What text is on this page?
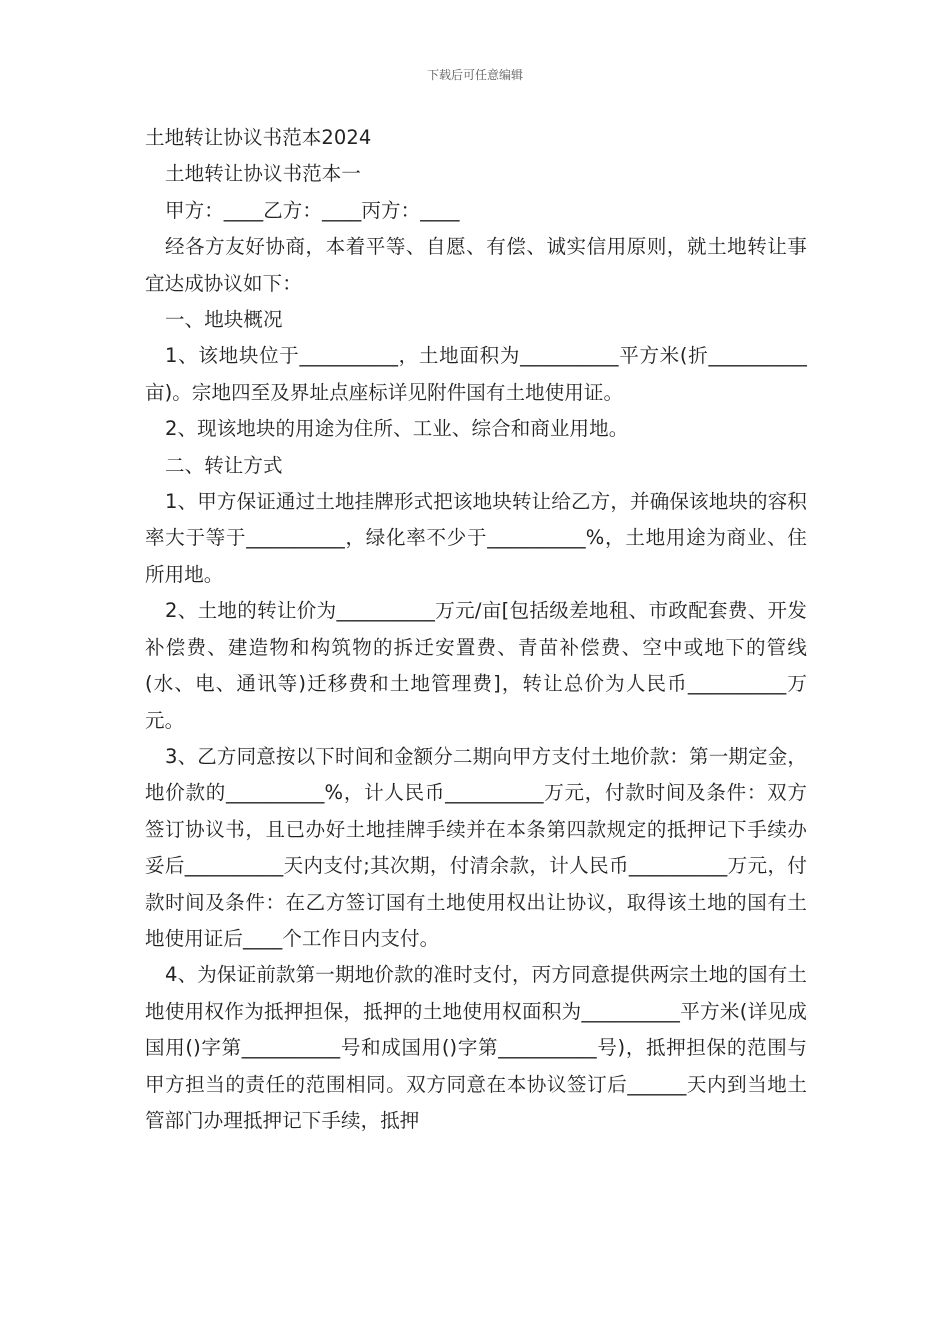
下载后可任意编辑

土地转让协议书范本2024

土地转让协议书范本一

甲方：____乙方：____丙方：____

经各方友好协商，本着平等、自愿、有偿、诚实信用原则，就土地转让事宜达成协议如下：

一、地块概况

1、该地块位于__________，土地面积为__________平方米(折__________亩)。宗地四至及界址点座标详见附件国有土地使用证。

2、现该地块的用途为住所、工业、综合和商业用地。

二、转让方式

1、甲方保证通过土地挂牌形式把该地块转让给乙方，并确保该地块的容积率大于等于__________，绿化率不少于__________%，土地用途为商业、住所用地。

2、土地的转让价为__________万元/亩[包括级差地租、市政配套费、开发补偿费、建造物和构筑物的拆迁安置费、青苗补偿费、空中或地下的管线(水、电、通讯等)迁移费和土地管理费]，转让总价为人民币__________万元。

3、乙方同意按以下时间和金额分二期向甲方支付土地价款：第一期定金，地价款的__________%，计人民币__________万元，付款时间及条件：双方签订协议书，且已办好土地挂牌手续并在本条第四款规定的抵押记下手续办妥后__________天内支付;其次期，付清余款，计人民币__________万元，付款时间及条件：在乙方签订国有土地使用权出让协议，取得该土地的国有土地使用证后____个工作日内支付。

4、为保证前款第一期地价款的准时支付，丙方同意提供两宗土地的国有土地使用权作为抵押担保，抵押的土地使用权面积为__________平方米(详见成国用()字第__________号和成国用()字第__________号)，抵押担保的范围与甲方担当的责任的范围相同。双方同意在本协议签订后______天内到当地土管部门办理抵押记下手续，抵押
